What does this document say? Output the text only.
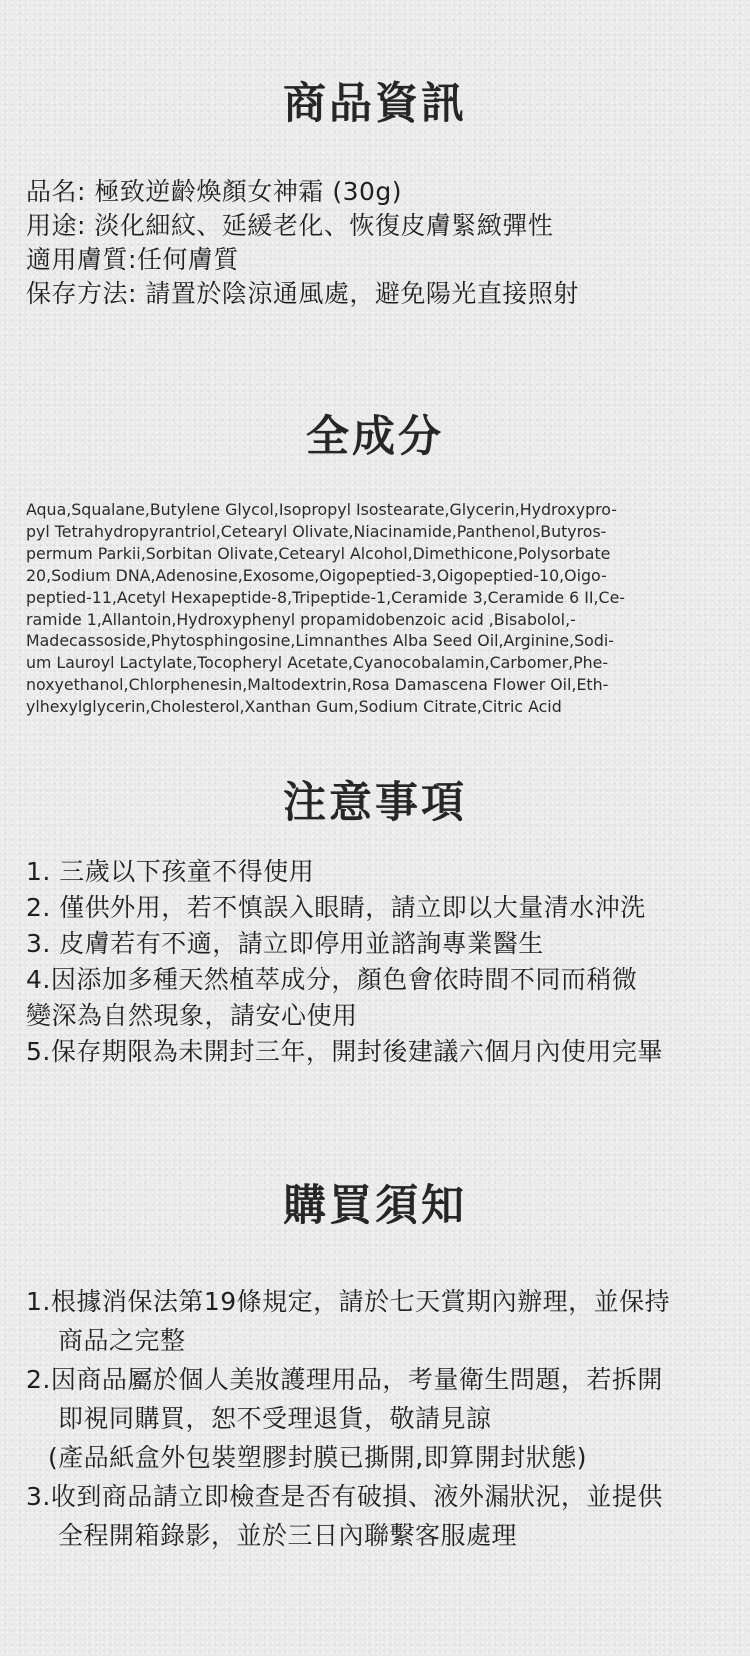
商品資訊
品名: 極致逆齡煥顏女神霜 (30g)
用途: 淡化細紋、延緩老化、恢復皮膚緊緻彈性
適用膚質:任何膚質
保存方法: 請置於陰涼通風處，避免陽光直接照射
全成分

Aqua,Squalane,Butylene Glycol,Isopropyl Isostearate,Glycerin,Hydroxypro-
pyl Tetrahydropyrantriol,Cetearyl Olivate,Niacinamide,Panthenol,Butyros-
permum Parkii,Sorbitan Olivate,Cetearyl Alcohol,Dimethicone,Polysorbate
20,Sodium DNA,Adenosine,Exosome,Oigopeptied-3,Oigopeptied-10,Oigo-
peptied-11,Acetyl Hexapeptide-8,Tripeptide-1,Ceramide 3,Ceramide 6 II,Ce-
ramide 1,Allantoin,Hydroxyphenyl propamidobenzoic acid ,Bisabolol,-
Madecassoside,Phytosphingosine,Limnanthes Alba Seed Oil,Arginine,Sodi-
um Lauroyl Lactylate,Tocopheryl Acetate,Cyanocobalamin,Carbomer,Phe-
noxyethanol,Chlorphenesin,Maltodextrin,Rosa Damascena Flower Oil,Eth-
ylhexylglycerin,Cholesterol,Xanthan Gum,Sodium Citrate,Citric Acid

注意事項
1. 三歲以下孩童不得使用
2. 僅供外用，若不慎誤入眼睛，請立即以大量清水沖洗
3. 皮膚若有不適，請立即停用並諮詢專業醫生
4.因添加多種天然植萃成分，顏色會依時間不同而稍微
變深為自然現象，請安心使用
5.保存期限為未開封三年，開封後建議六個月內使用完畢
購買須知
1.根據消保法第19條規定，請於七天賞期內辦理，並保持
商品之完整
2.因商品屬於個人美妝護理用品，考量衛生問題，若拆開
即視同購買，恕不受理退貨，敬請見諒
(產品紙盒外包裝塑膠封膜已撕開,即算開封狀態)
3.收到商品請立即檢查是否有破損、液外漏狀況，並提供
全程開箱錄影，並於三日內聯繫客服處理
